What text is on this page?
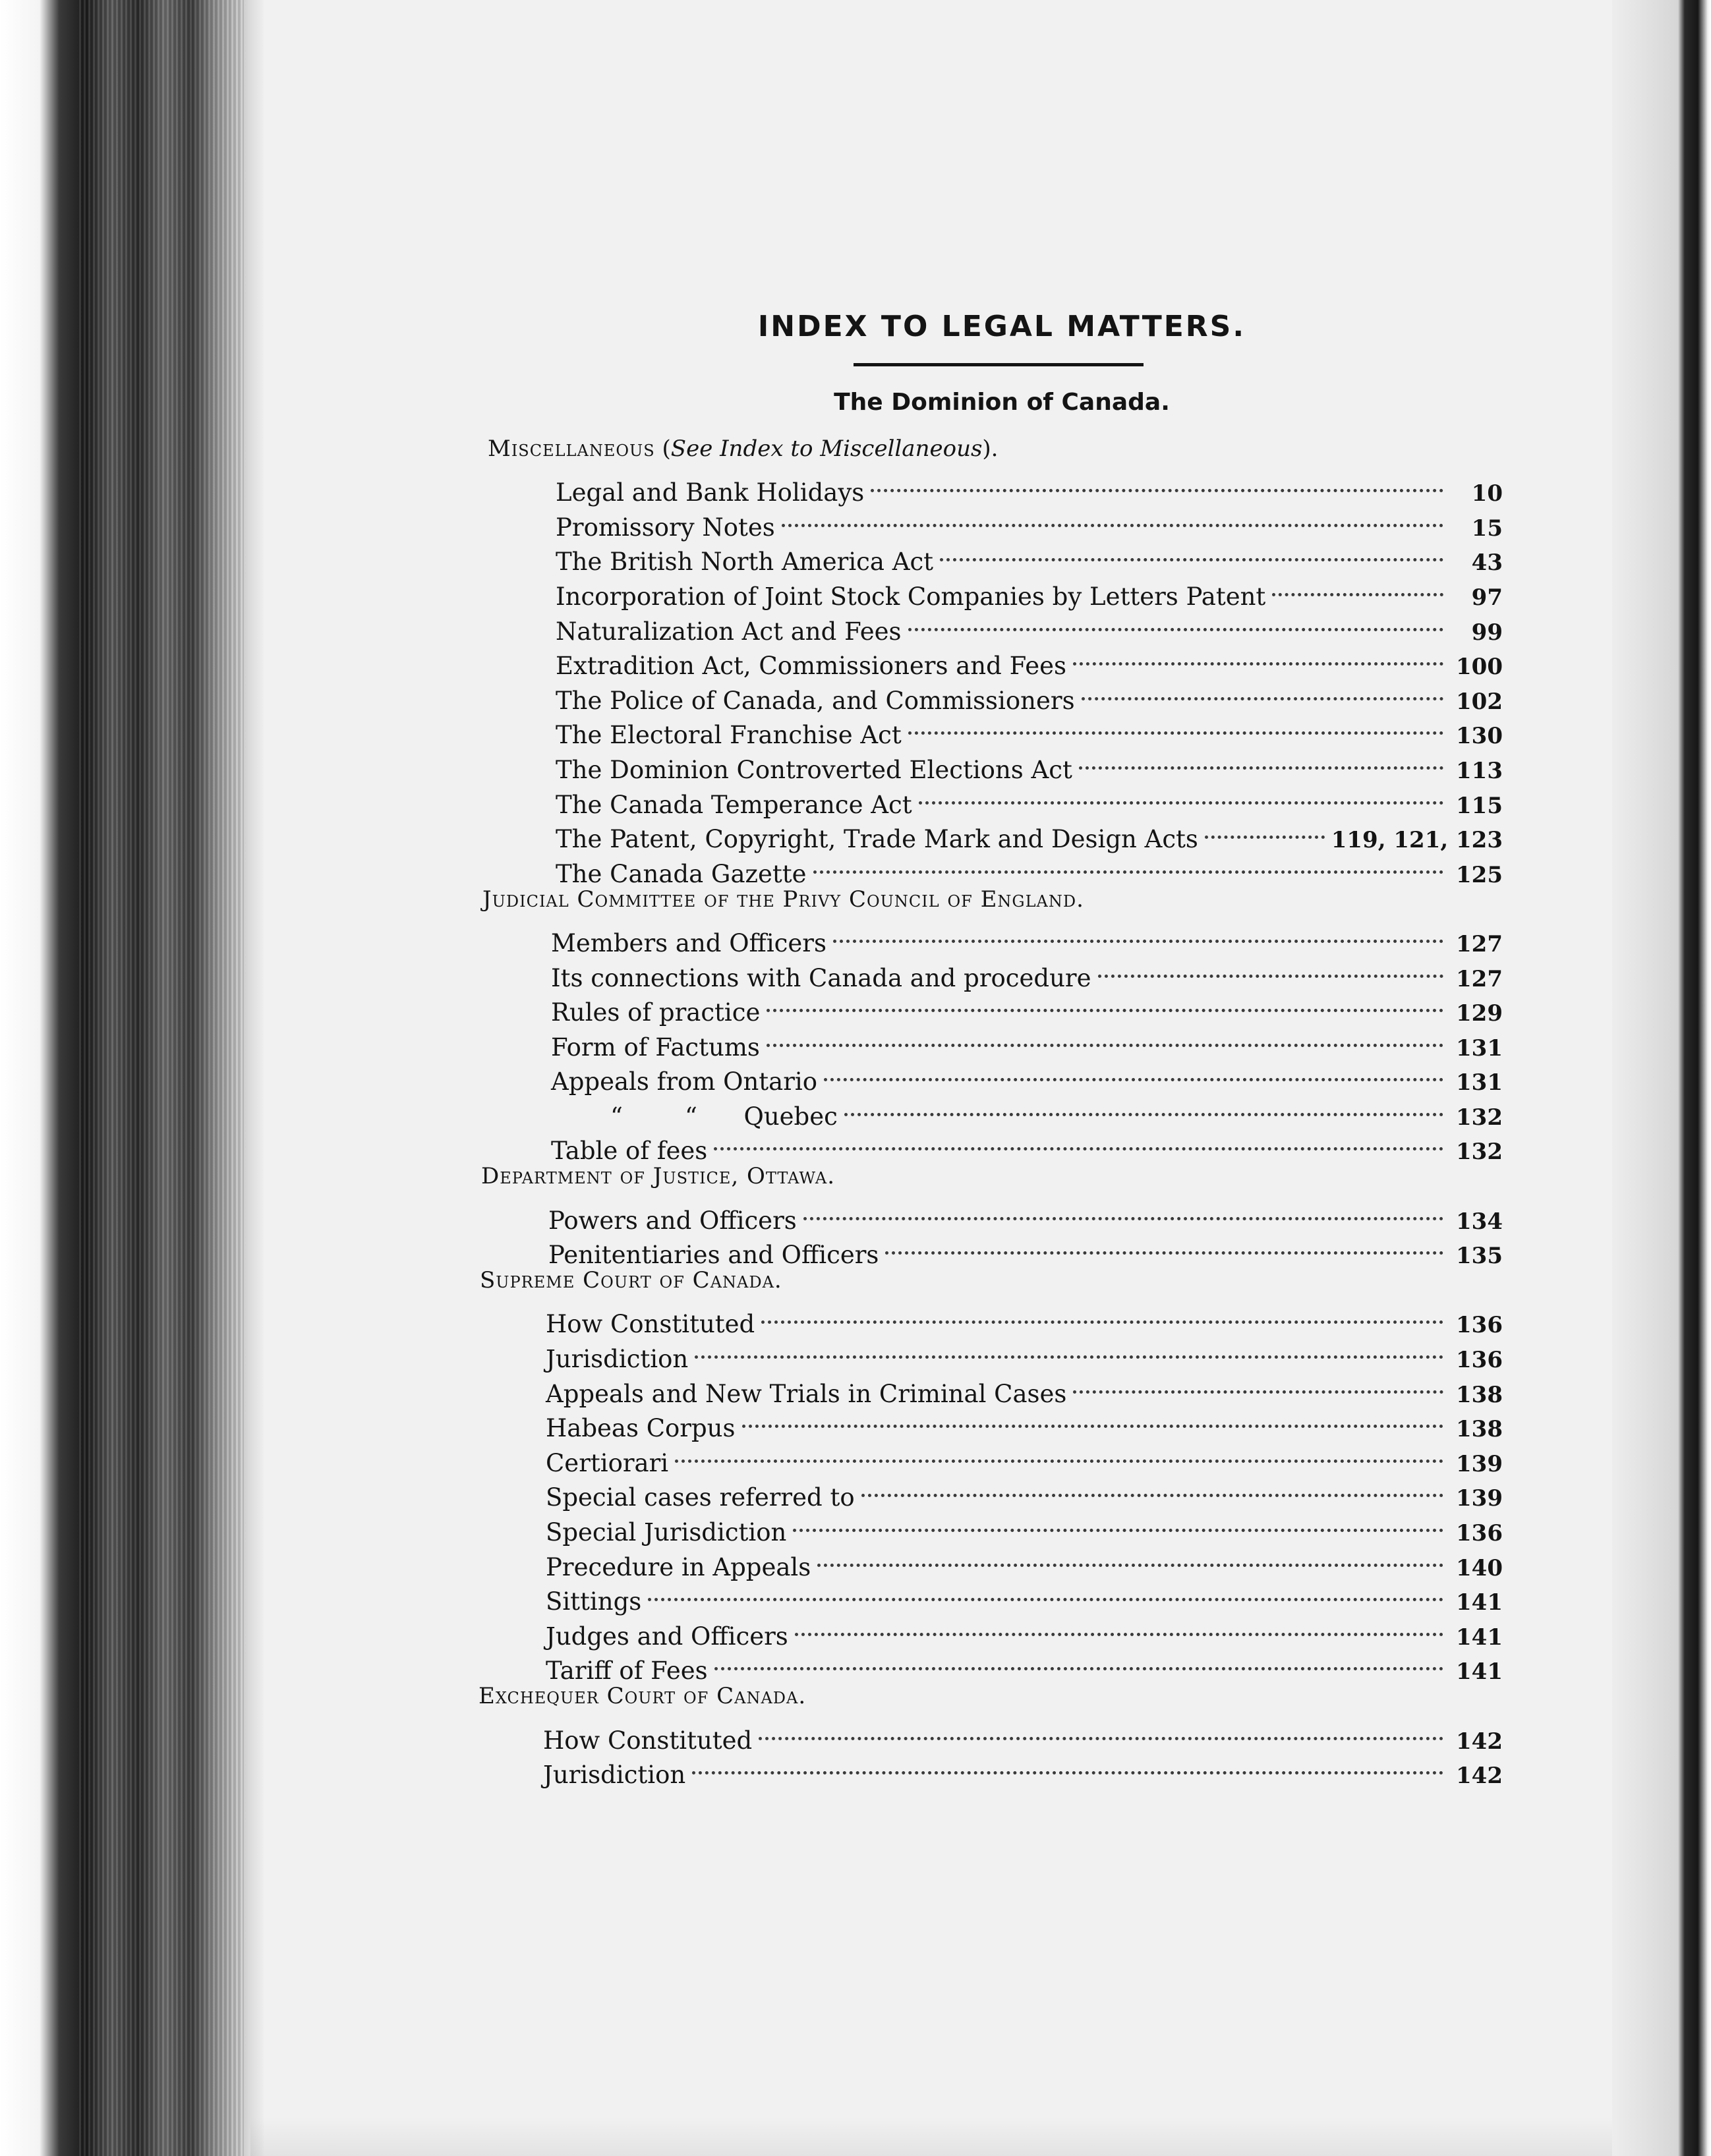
INDEX TO LEGAL MATTERS.
The Dominion of Canada.
Miscellaneous (See Index to Miscellaneous).
Legal and Bank Holidays	10
Promissory Notes	15
The British North America Act	43
Incorporation of Joint Stock Companies by Letters Patent	97
Naturalization Act and Fees	99
Extradition Act, Commissioners and Fees	100
The Police of Canada, and Commissioners	102
The Electoral Franchise Act	130
The Dominion Controverted Elections Act	113
The Canada Temperance Act	115
The Patent, Copyright, Trade Mark and Design Acts	119, 121, 123
The Canada Gazette	125
Judicial Committee of the Privy Council of England.
Members and Officers	127
Its connections with Canada and procedure	127
Rules of practice	129
Form of Factums	131
Appeals from Ontario	131
“        “      Quebec	132
Table of fees	132
Department of Justice, Ottawa.
Powers and Officers	134
Penitentiaries and Officers	135
Supreme Court of Canada.
How Constituted	136
Jurisdiction	136
Appeals and New Trials in Criminal Cases	138
Habeas Corpus	138
Certiorari	139
Special cases referred to	139
Special Jurisdiction	136
Precedure in Appeals	140
Sittings	141
Judges and Officers	141
Tariff of Fees	141
Exchequer Court of Canada.
How Constituted	142
Jurisdiction	142
